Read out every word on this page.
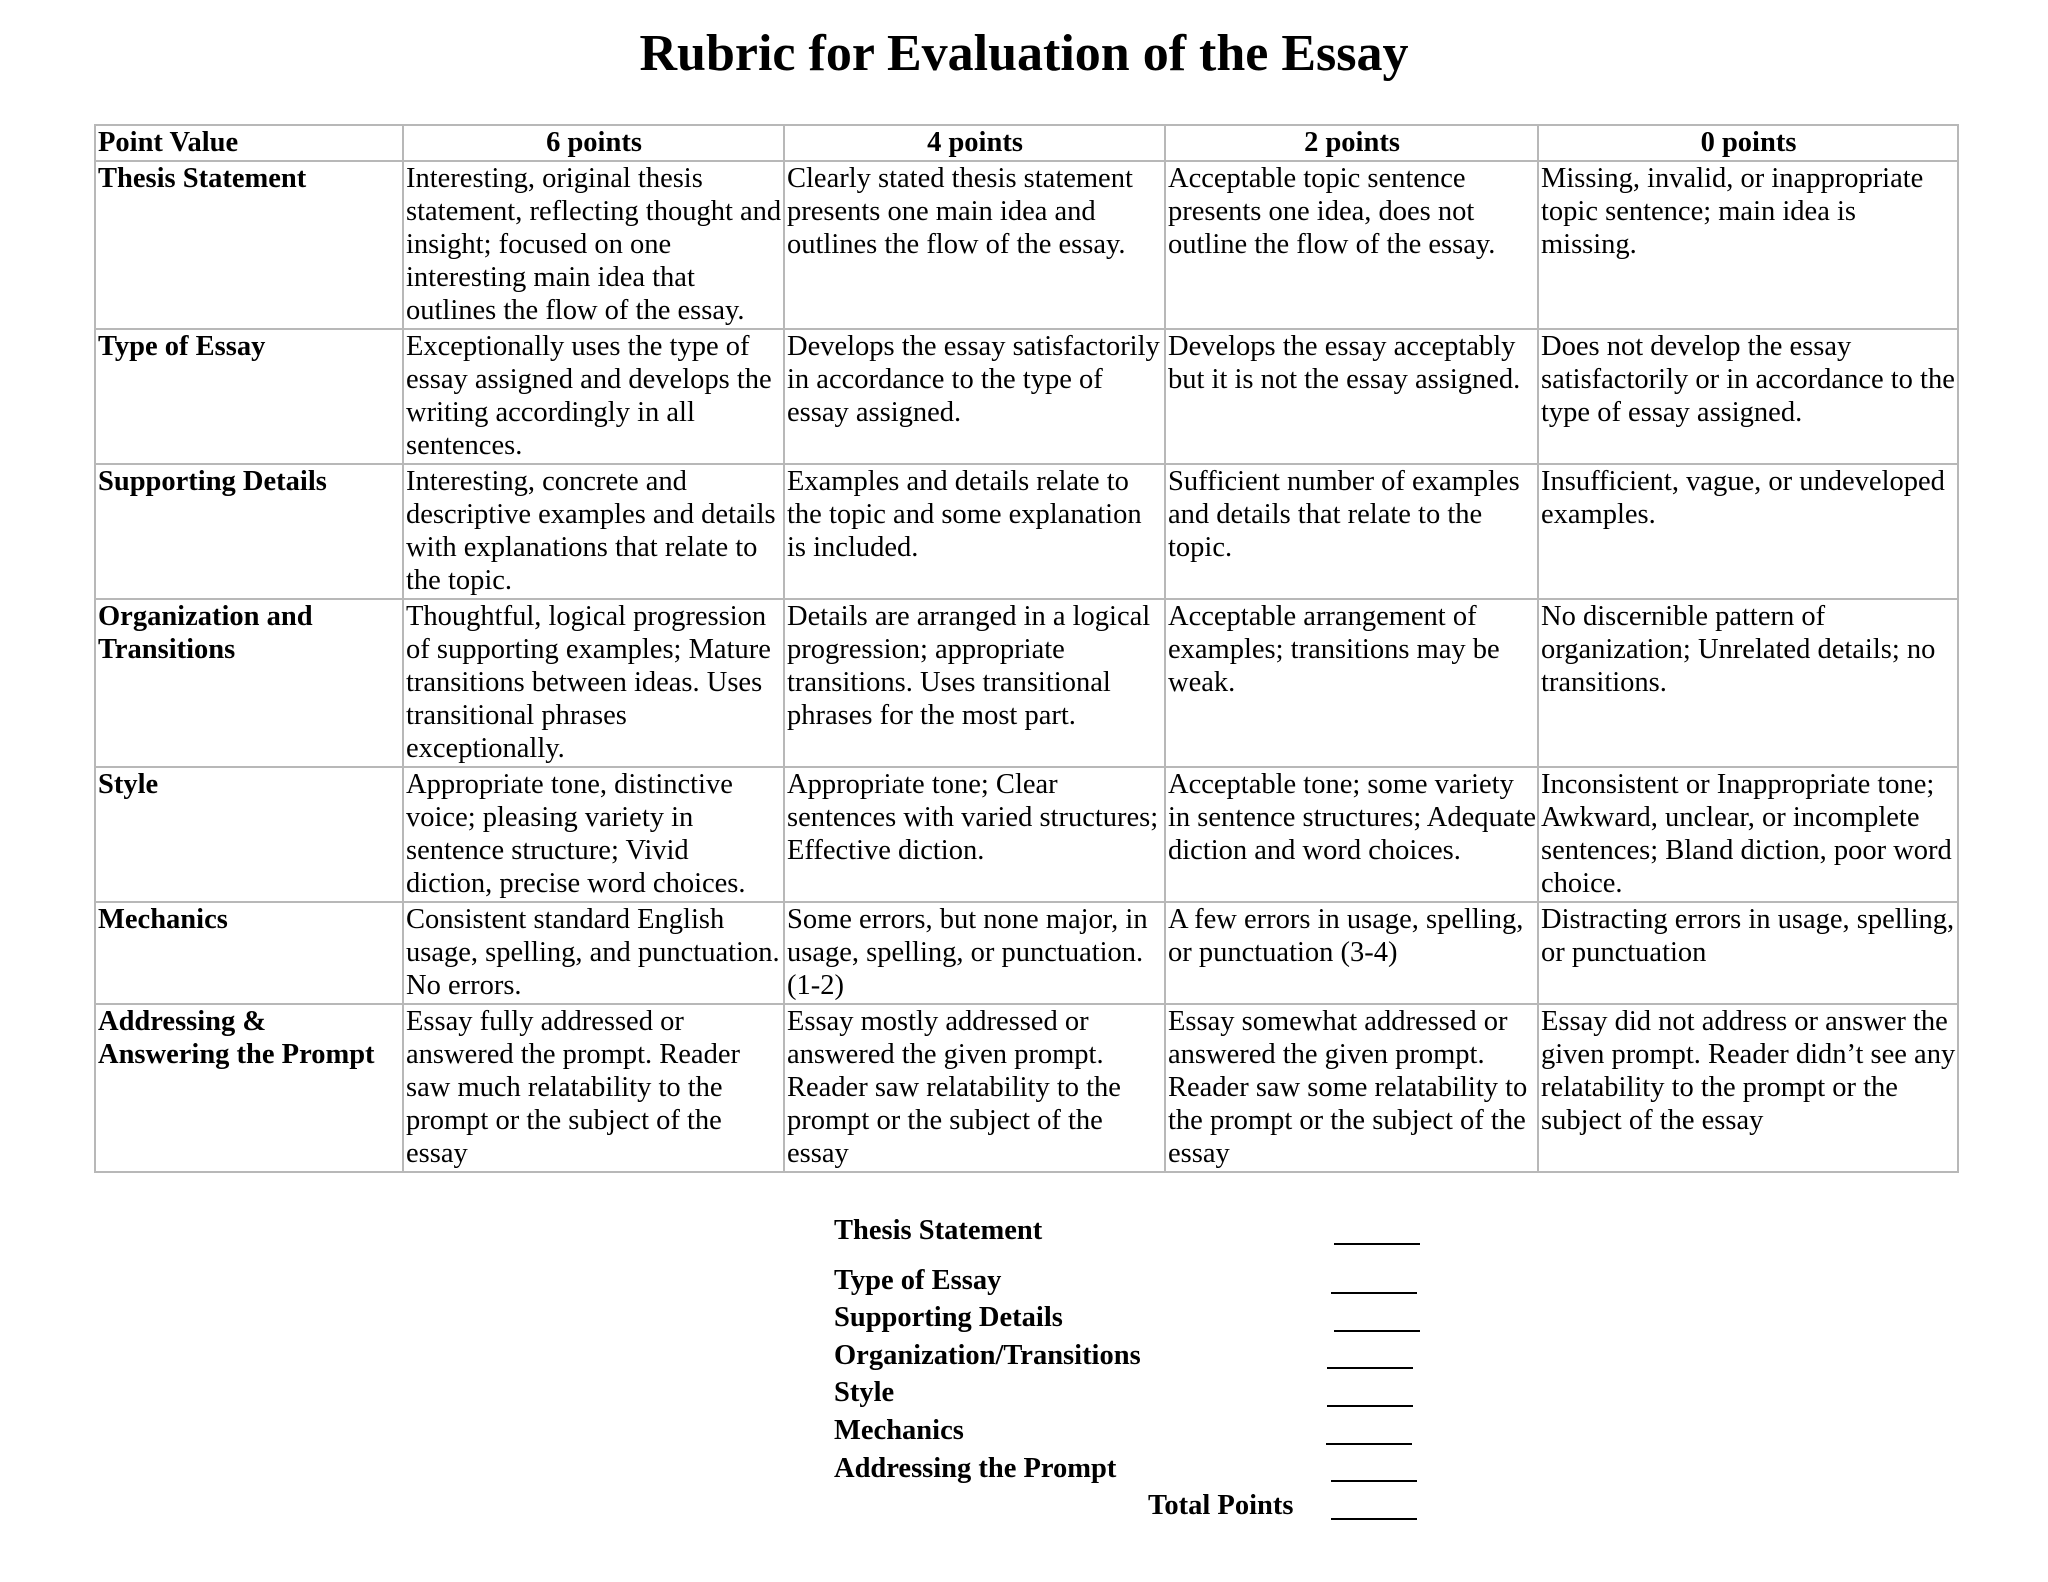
Rubric for Evaluation of the Essay
Point Value	6 points	4 points	2 points	0 points
Thesis Statement	Interesting, original thesis statement, reflecting thought and insight; focused on one interesting main idea that outlines the flow of the essay.	Clearly stated thesis statement presents one main idea and outlines the flow of the essay.	Acceptable topic sentence presents one idea, does not outline the flow of the essay.	Missing, invalid, or inappropriate topic sentence; main idea is missing.
Type of Essay	Exceptionally uses the type of essay assigned and develops the writing accordingly in all sentences.	Develops the essay satisfactorily in accordance to the type of essay assigned.	Develops the essay acceptably but it is not the essay assigned.	Does not develop the essay satisfactorily or in accordance to the type of essay assigned.
Supporting Details	Interesting, concrete and descriptive examples and details with explanations that relate to the topic.	Examples and details relate to the topic and some explanation is included.	Sufficient number of examples and details that relate to the topic.	Insufficient, vague, or undeveloped examples.
Organization and Transitions	Thoughtful, logical progression of supporting examples; Mature transitions between ideas. Uses transitional phrases exceptionally.	Details are arranged in a logical progression; appropriate transitions. Uses transitional phrases for the most part.	Acceptable arrangement of examples; transitions may be weak.	No discernible pattern of organization; Unrelated details; no transitions.
Style	Appropriate tone, distinctive voice; pleasing variety in sentence structure; Vivid diction, precise word choices.	Appropriate tone; Clear sentences with varied structures; Effective diction.	Acceptable tone; some variety in sentence structures; Adequate diction and word choices.	Inconsistent or Inappropriate tone; Awkward, unclear, or incomplete sentences; Bland diction, poor word choice.
Mechanics	Consistent standard English usage, spelling, and punctuation. No errors.	Some errors, but none major, in usage, spelling, or punctuation. (1-2)	A few errors in usage, spelling, or punctuation (3-4)	Distracting errors in usage, spelling, or punctuation
Addressing & Answering the Prompt	Essay fully addressed or answered the prompt. Reader saw much relatability to the prompt or the subject of the essay	Essay mostly addressed or answered the given prompt. Reader saw relatability to the prompt or the subject of the essay	Essay somewhat addressed or answered the given prompt. Reader saw some relatability to the prompt or the subject of the essay	Essay did not address or answer the given prompt. Reader didn’t see any relatability to the prompt or the subject of the essay
Thesis Statement
Type of Essay
Supporting Details
Organization/Transitions
Style
Mechanics
Addressing the Prompt
Total Points
